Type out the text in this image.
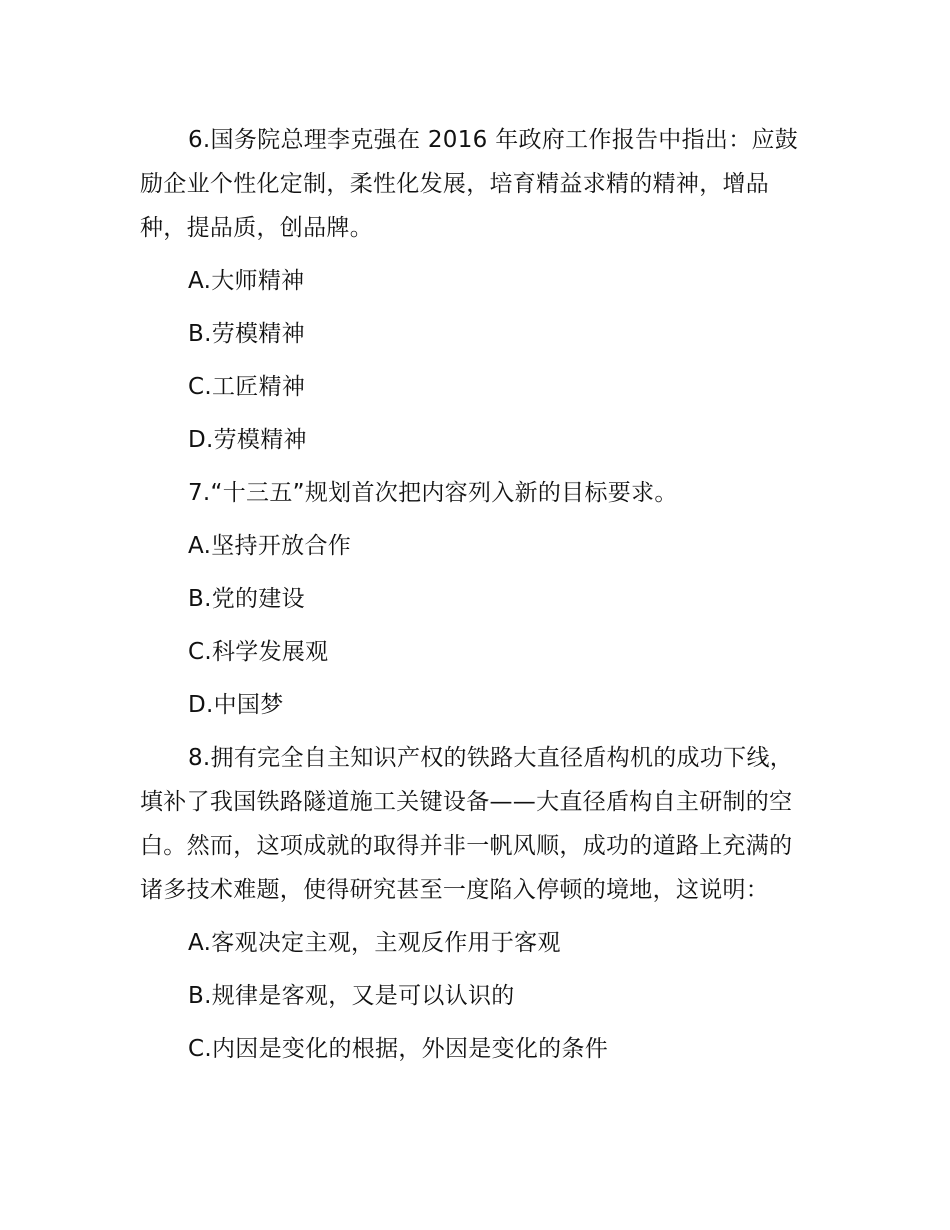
6.国务院总理李克强在 2016 年政府工作报告中指出：应鼓励企业个性化定制，柔性化发展，培育精益求精的精神，增品种，提品质，创品牌。

A.大师精神

B.劳模精神

C.工匠精神

D.劳模精神

7.“十三五”规划首次把内容列入新的目标要求。

A.坚持开放合作

B.党的建设

C.科学发展观

D.中国梦

8.拥有完全自主知识产权的铁路大直径盾构机的成功下线，填补了我国铁路隧道施工关键设备——大直径盾构自主研制的空白。然而，这项成就的取得并非一帆风顺，成功的道路上充满的诸多技术难题，使得研究甚至一度陷入停顿的境地，这说明：

A.客观决定主观，主观反作用于客观

B.规律是客观，又是可以认识的

C.内因是变化的根据，外因是变化的条件
